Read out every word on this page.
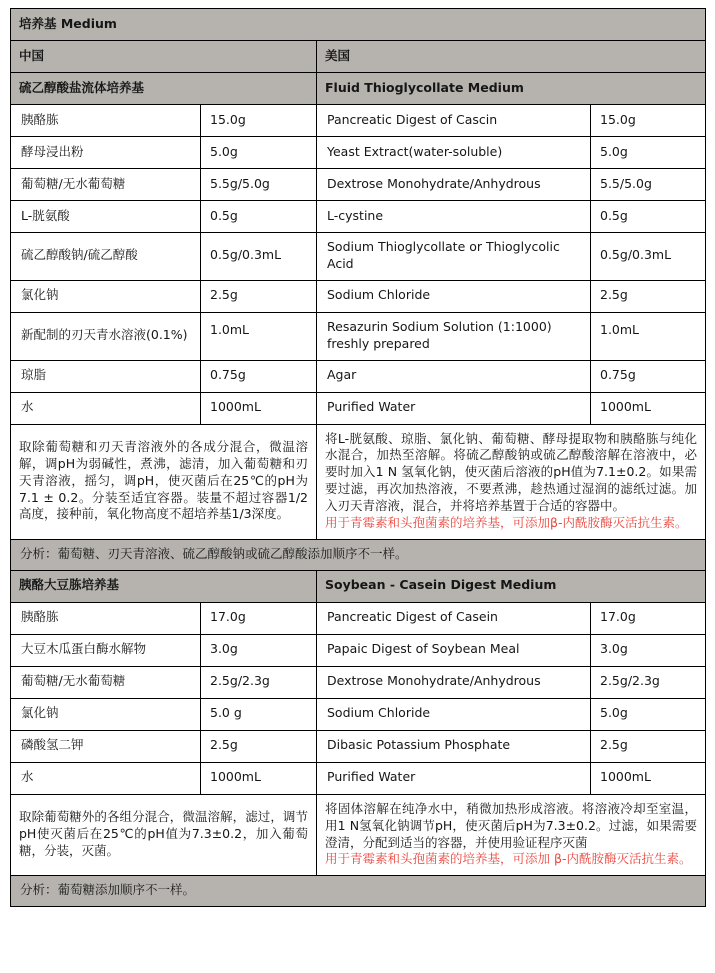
培养基 Medium			
中国		美国	
硫乙醇酸盐流体培养基		Fluid Thioglycollate Medium	
胰酪胨	15.0g	Pancreatic Digest of Cascin	15.0g
酵母浸出粉	5.0g	Yeast Extract(water-soluble)	5.0g
葡萄糖/无水葡萄糖	5.5g/5.0g	Dextrose Monohydrate/Anhydrous	5.5/5.0g
L-胱氨酸	0.5g	L-cystine	0.5g
硫乙醇酸钠/硫乙醇酸	0.5g/0.3mL	Sodium Thioglycollate or Thioglycolic Acid	0.5g/0.3mL
氯化钠	2.5g	Sodium Chloride	2.5g
新配制的刃天青水溶液(0.1%)	1.0mL	Resazurin Sodium Solution (1:1000) freshly prepared	1.0mL
琼脂	0.75g	Agar	0.75g
水	1000mL	Purified Water	1000mL

取除葡萄糖和刃天青溶液外的各成分混合，微温溶解，调pH为弱碱性，煮沸，滤清，加入葡萄糖和刃天青溶液，摇匀，调pH，使灭菌后在25℃的pH为7.1 ± 0.2。分装至适宜容器。装量不超过容器1/2高度，接种前，氧化物高度不超培养基1/3深度。		将L-胱氨酸、琼脂、氯化钠、葡萄糖、酵母提取物和胰酪胨与纯化水混合，加热至溶解。将硫乙醇酸钠或硫乙醇酸溶解在溶液中，必要时加入1 N 氢氧化钠，使灭菌后溶液的pH值为7.1±0.2。如果需要过滤，再次加热溶液，不要煮沸，趁热通过湿润的滤纸过滤。加入刃天青溶液，混合，并将培养基置于合适的容器中。

用于青霉素和头孢菌素的培养基，可添加β-内酰胺酶灭活抗生素。	

分析：葡萄糖、刃天青溶液、硫乙醇酸钠或硫乙醇酸添加顺序不一样。			
胰酪大豆胨培养基		Soybean - Casein Digest Medium	
胰酪胨	17.0g	Pancreatic Digest of Casein	17.0g
大豆木瓜蛋白酶水解物	3.0g	Papaic Digest of Soybean Meal	3.0g
葡萄糖/无水葡萄糖	2.5g/2.3g	Dextrose Monohydrate/Anhydrous	2.5g/2.3g
氯化钠	5.0 g	Sodium Chloride	5.0g
磷酸氢二钾	2.5g	Dibasic Potassium Phosphate	2.5g
水	1000mL	Purified Water	1000mL

取除葡萄糖外的各组分混合，微温溶解，滤过，调节pH使灭菌后在25℃的pH值为7.3±0.2，加入葡萄糖，分装，灭菌。		将固体溶解在纯净水中，稍微加热形成溶液。将溶液冷却至室温，用1 N氢氧化钠调节pH，使灭菌后pH为7.3±0.2。过滤，如果需要澄清，分配到适当的容器，并使用验证程序灭菌

用于青霉素和头孢菌素的培养基，可添加 β-内酰胺酶灭活抗生素。	

分析：葡萄糖添加顺序不一样。			
